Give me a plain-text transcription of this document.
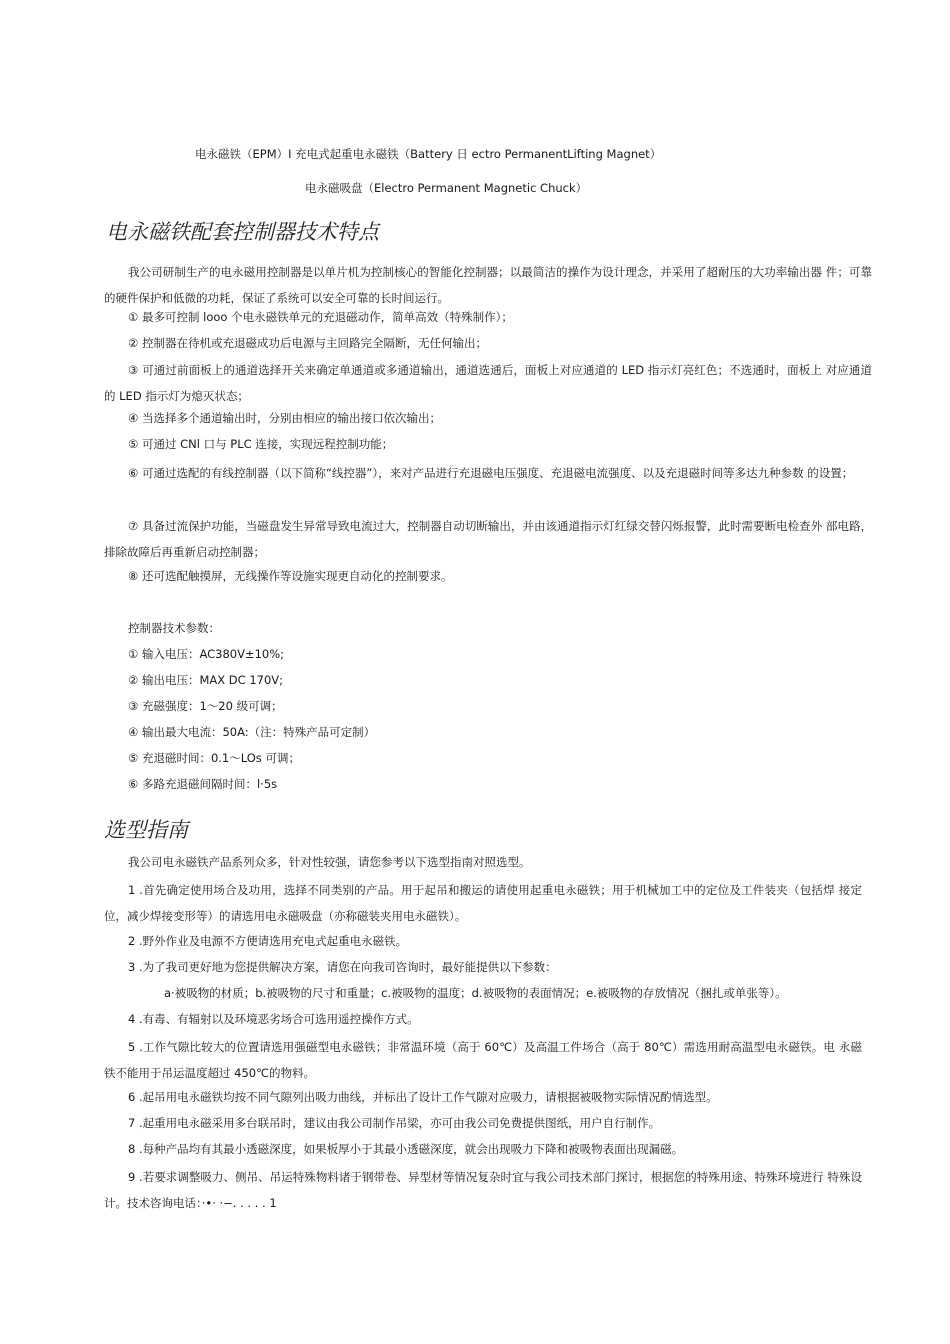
电永磁铁（EPM）I 充电式起重电永磁铁（Battery 日 ectro PermanentLifting Magnet）
电永磁吸盘（Electro Permanent Magnetic Chuck）
电永磁铁配套控制器技术特点
我公司研制生产的电永磁用控制器是以单片机为控制核心的智能化控制器；以最简洁的操作为设计理念，并采用了超耐压的大功率输出器 件；可靠的硬件保护和低微的功耗，保证了系统可以安全可靠的长时间运行。
① 最多可控制 looo 个电永磁铁单元的充退磁动作，简单高效（特殊制作）；
② 控制器在待机或充退磁成功后电源与主回路完全隔断，无任何输出；
③ 可通过前面板上的通道选择开关来确定单通道或多通道输出，通道选通后，面板上对应通道的 LED 指示灯亮红色；不选通时，面板上 对应通道的 LED 指示灯为熄灭状态；
④ 当选择多个通道输出时，分别由相应的输出接口依次输出；
⑤ 可通过 CNl 口与 PLC 连接，实现远程控制功能；
⑥ 可通过选配的有线控制器（以下简称“线控器”），来对产品进行充退磁电压强度、充退磁电流强度、以及充退磁时间等多达九种参数 的设置；
⑦ 具备过流保护功能，当磁盘发生异常导致电流过大，控制器自动切断输出，并由该通道指示灯红绿交替闪烁报警，此时需要断电检查外 部电路，排除故障后再重新启动控制器；
⑧ 还可选配触摸屏，无线操作等设施实现更自动化的控制要求。
控制器技术参数：
① 输入电压：AC380V±10%;
② 输出电压：MAX DC 170V;
③ 充磁强度：1〜20 级可调；
④ 输出最大电流：50A:（注：特殊产品可定制）
⑤ 充退磁时间：0.1〜LOs 可调；
⑥ 多路充退磁间隔时间：l·5s
选型指南
我公司电永磁铁产品系列众多，针对性较强，请您参考以下选型指南对照选型。
1 .首先确定使用场合及功用，选择不同类别的产品。用于起吊和搬运的请使用起重电永磁铁；用于机械加工中的定位及工件装夹（包括焊 接定位，减少焊接变形等）的请选用电永磁吸盘（亦称磁装夹用电永磁铁）。
2 .野外作业及电源不方便请选用充电式起重电永磁铁。
3 .为了我司更好地为您提供解决方案，请您在向我司咨询时，最好能提供以下参数：
a·被吸物的材质；b.被吸物的尺寸和重量；c.被吸物的温度；d.被吸物的表面情况；e.被吸物的存放情况（捆扎或单张等）。
4 .有毒、有辐射以及环境恶劣场合可选用遥控操作方式。
5 .工作气隙比较大的位置请选用强磁型电永磁铁；非常温环境（高于 60℃）及高温工件场合（高于 80℃）需选用耐高温型电永磁铁。电 永磁铁不能用于吊运温度超过 450℃的物料。
6 .起吊用电永磁铁均按不同气隙列出吸力曲线，并标出了设计工作气隙对应吸力，请根据被吸物实际情况酌情选型。
7 .起重用电永磁采用多台联吊时，建议由我公司制作吊梁，亦可由我公司免费提供图纸，用户自行制作。
8 .每种产品均有其最小透磁深度，如果板厚小于其最小透磁深度，就会出现吸力下降和被吸物表面出现漏磁。
9 .若要求调整吸力、侧吊、吊运特殊物料诸于钢带卷、异型材等情况复杂时宜与我公司技术部门探讨，根据您的特殊用途、特殊环境进行 特殊设计。技术咨询电话：·•· ·−. . . . . 1
